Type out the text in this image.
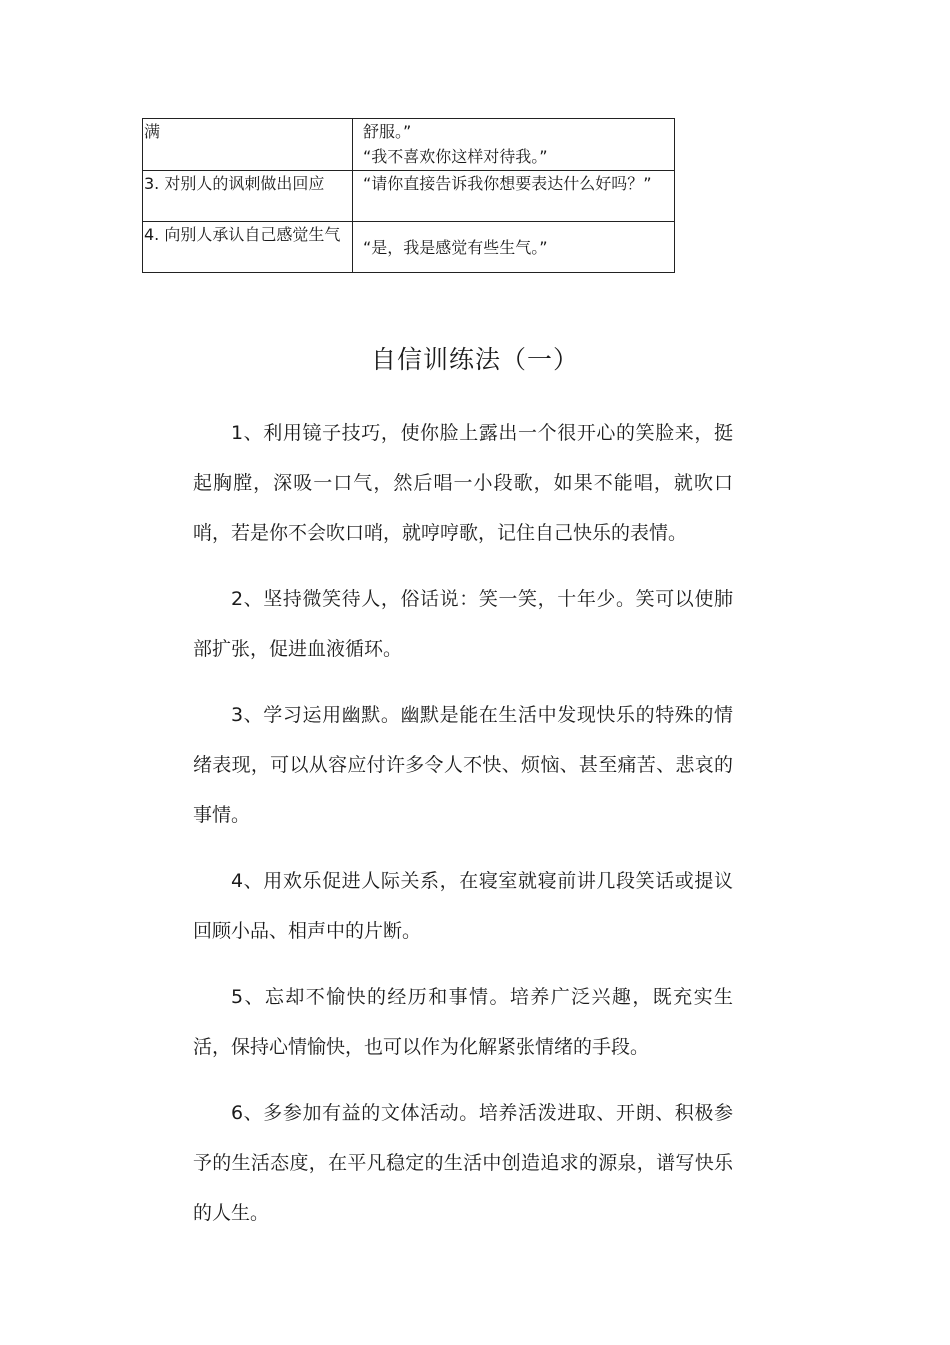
满	舒服。”
“我不喜欢你这样对待我。”

3. 对别人的讽刺做出回应	“请你直接告诉我你想要表达什么好吗？”
4. 向别人承认自己感觉生气	“是，我是感觉有些生气。”
自信训练法（一）

1、利用镜子技巧，使你脸上露出一个很开心的笑脸来，挺起胸膛，深吸一口气，然后唱一小段歌，如果不能唱，就吹口哨，若是你不会吹口哨，就哼哼歌，记住自己快乐的表情。

2、坚持微笑待人，俗话说：笑一笑，十年少。笑可以使肺部扩张，促进血液循环。

3、学习运用幽默。幽默是能在生活中发现快乐的特殊的情绪表现，可以从容应付许多令人不快、烦恼、甚至痛苦、悲哀的事情。

4、用欢乐促进人际关系，在寝室就寝前讲几段笑话或提议回顾小品、相声中的片断。

5、忘却不愉快的经历和事情。培养广泛兴趣，既充实生活，保持心情愉快，也可以作为化解紧张情绪的手段。

6、多参加有益的文体活动。培养活泼进取、开朗、积极参予的生活态度，在平凡稳定的生活中创造追求的源泉，谱写快乐的人生。
